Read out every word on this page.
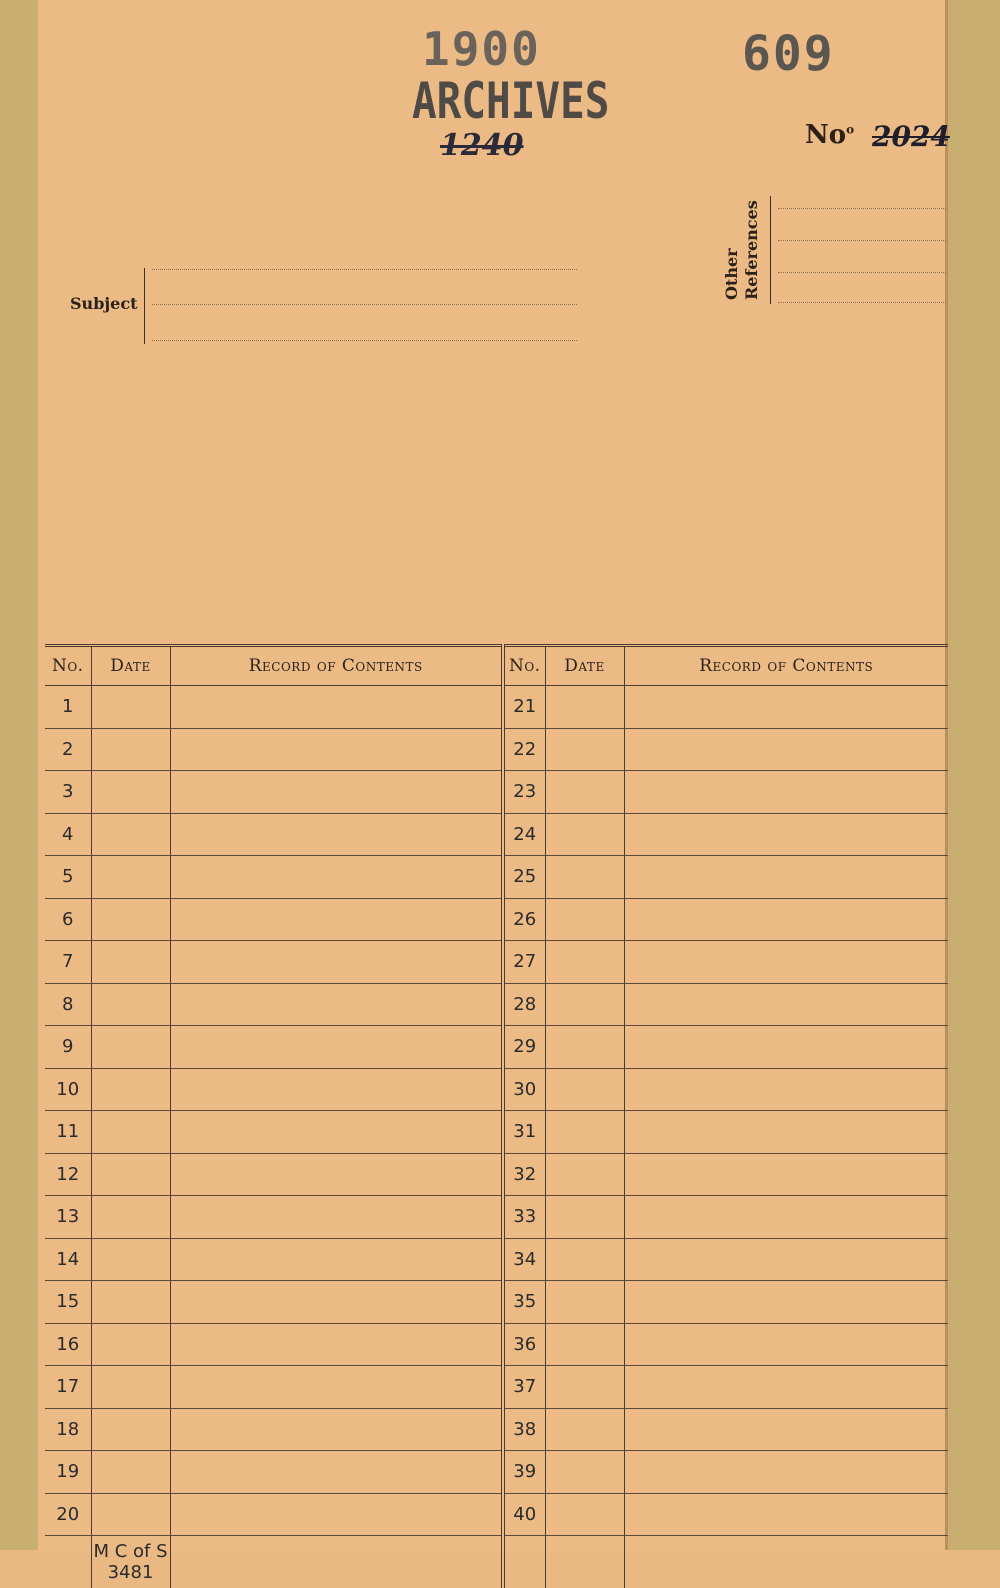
1900
ARCHIVES
609
1240	No$^o$ 2024
Subject
Other References
No.	Date	Record of Contents	No.	Date	Record of Contents
1			21		
2			22		
3			23		
4			24		
5			25		
6			26		
7			27		
8			28		
9			29		
10			30		
11			31		
12			32		
13			33		
14			34		
15			35		
16			36		
17			37		
18			38		
19			39		
20			40		
	M C of S 3481				
